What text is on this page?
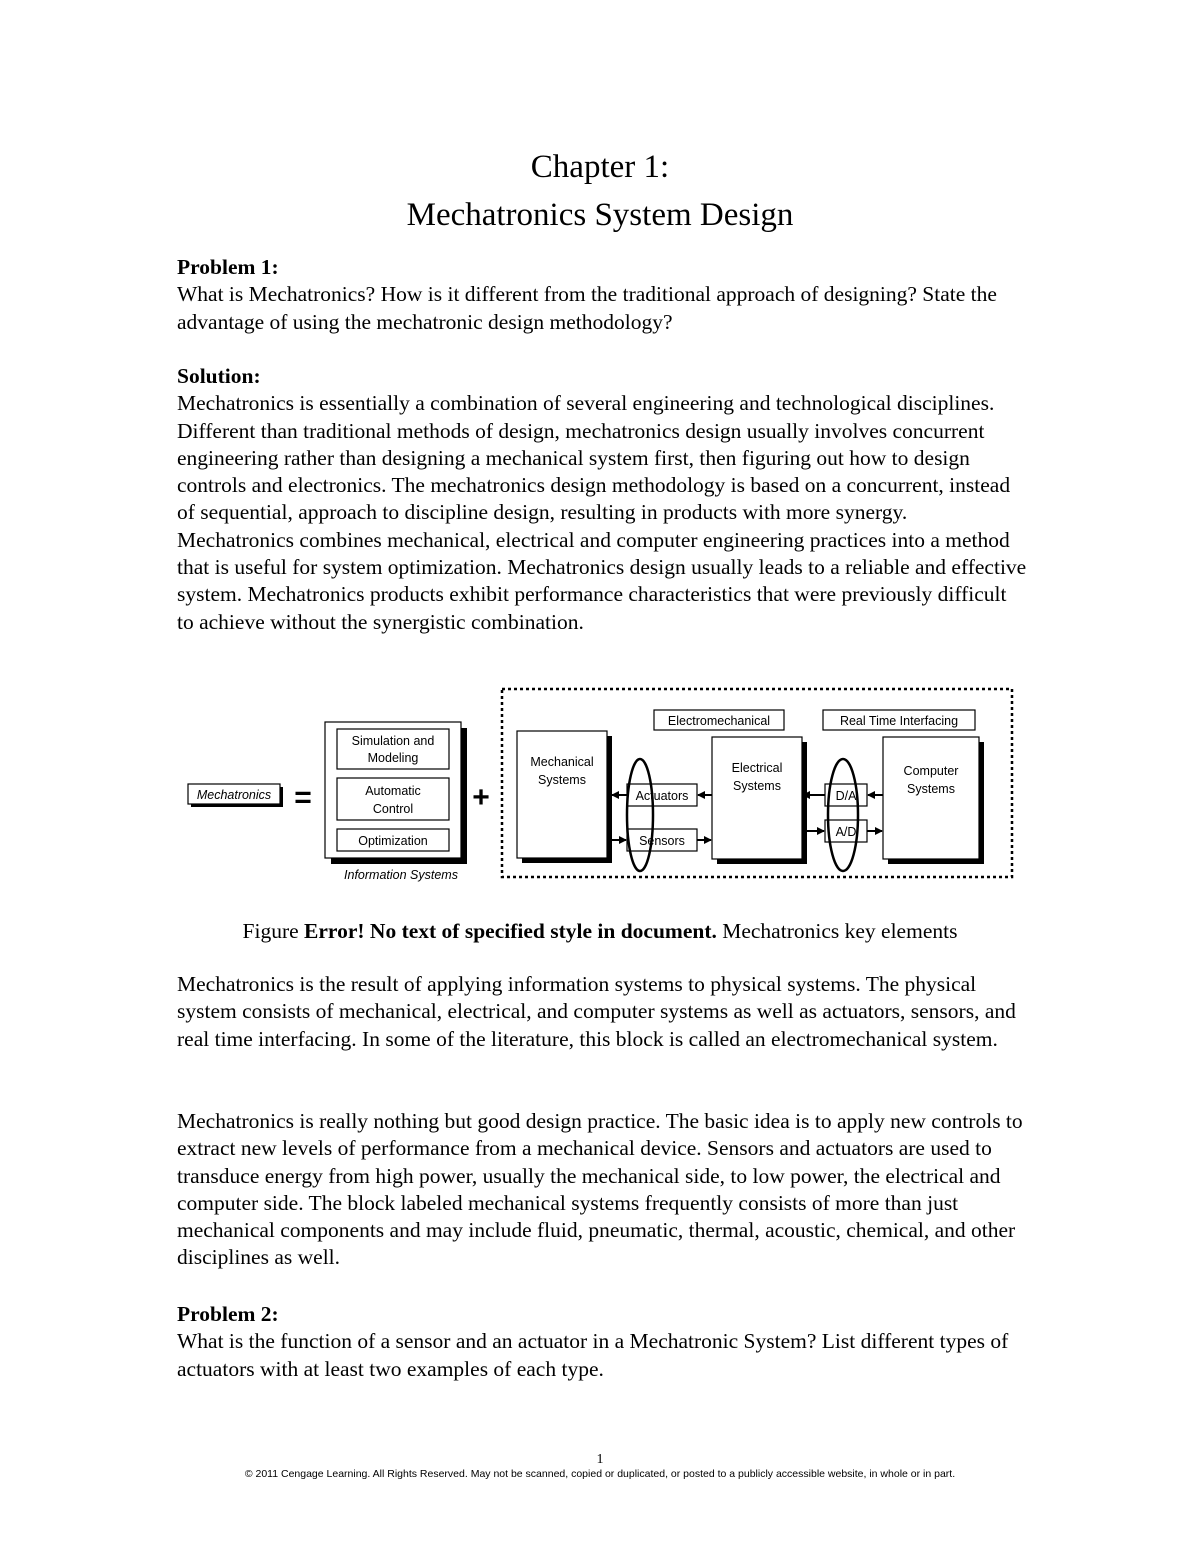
Chapter 1:
Mechatronics System Design

Problem 1:

What is Mechatronics? How is it different from the traditional approach of designing? State the advantage of using the mechatronic design methodology?

Solution:

Mechatronics is essentially a combination of several engineering and technological disciplines. Different than traditional methods of design, mechatronics design usually involves concurrent engineering rather than designing a mechanical system first, then figuring out how to design controls and electronics. The mechatronics design methodology is based on a concurrent, instead of sequential, approach to discipline design, resulting in products with more synergy. Mechatronics combines mechanical, electrical and computer engineering practices into a method that is useful for system optimization. Mechatronics design usually leads to a reliable and effective system. Mechatronics products exhibit performance characteristics that were previously difficult to achieve without the synergistic combination.

Mechatronics =
Simulation and
Modeling
Automatic
Control
Optimization
Information Systems
+
Electromechanical	Real Time Interfacing
Mechanical
Systems
Actuators
Sensors
Electrical
Systems
D/A
A/D
Computer
Systems
Figure Error! No text of specified style in document. Mechatronics key elements

Mechatronics is the result of applying information systems to physical systems. The physical system consists of mechanical, electrical, and computer systems as well as actuators, sensors, and real time interfacing. In some of the literature, this block is called an electromechanical system.

Mechatronics is really nothing but good design practice. The basic idea is to apply new controls to extract new levels of performance from a mechanical device. Sensors and actuators are used to transduce energy from high power, usually the mechanical side, to low power, the electrical and computer side. The block labeled mechanical systems frequently consists of more than just mechanical components and may include fluid, pneumatic, thermal, acoustic, chemical, and other disciplines as well.

Problem 2:

What is the function of a sensor and an actuator in a Mechatronic System? List different types of actuators with at least two examples of each type.

1
© 2011 Cengage Learning. All Rights Reserved. May not be scanned, copied or duplicated, or posted to a publicly accessible website, in whole or in part.
